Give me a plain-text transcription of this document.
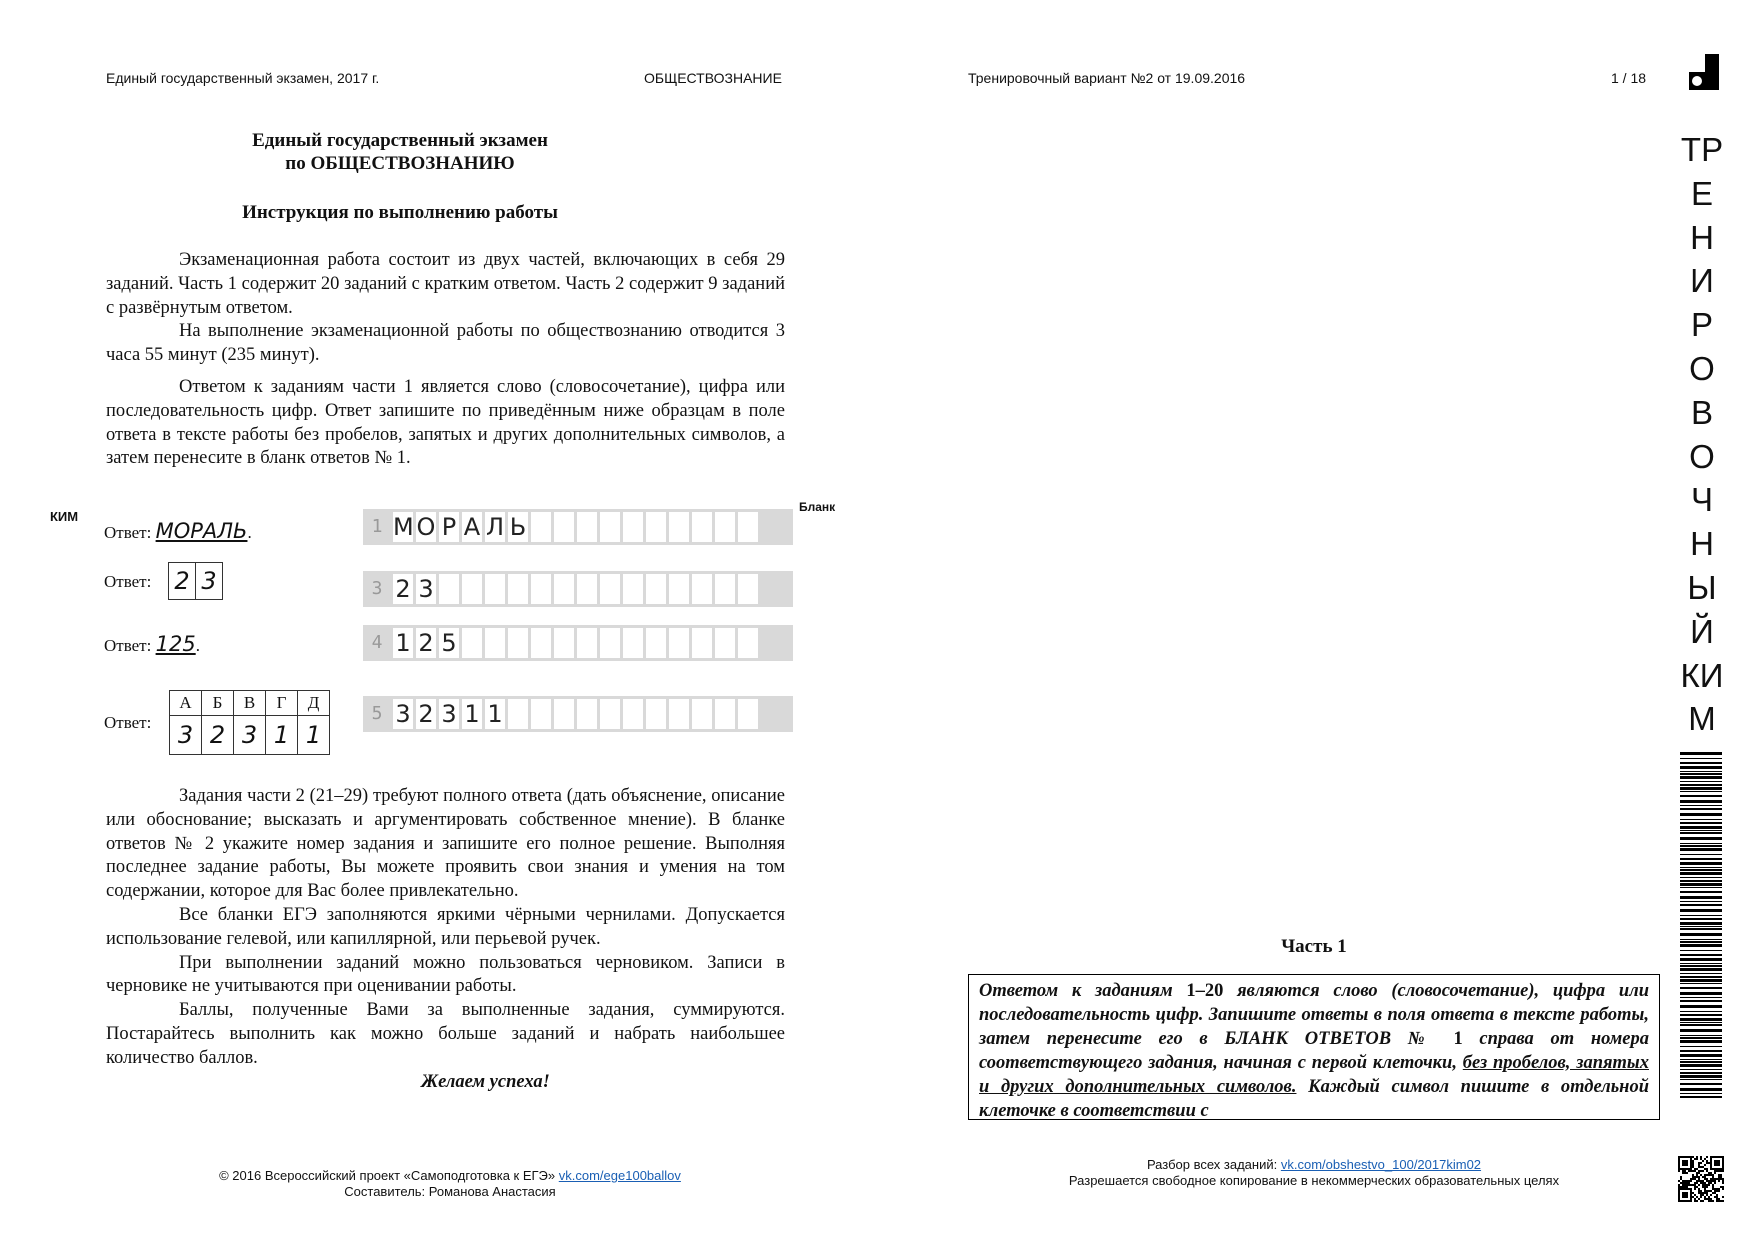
Единый государственный экзамен, 2017 г.	ОБЩЕСТВОЗНАНИЕ	Тренировочный вариант №2 от 19.09.2016	1 / 18
Единый государственный экзамен
по ОБЩЕСТВОЗНАНИЮ
Инструкция по выполнению работы

Экзаменационная работа состоит из двух частей, включающих в себя 29 заданий. Часть 1 содержит 20 заданий с кратким ответом. Часть 2 содержит 9 заданий с развёрнутым ответом.

На выполнение экзаменационной работы по обществознанию отводится 3 часа 55 минут (235 минут).

Ответом к заданиям части 1 является слово (словосочетание), цифра или последовательность цифр. Ответ запишите по приведённым ниже образцам в поле ответа в тексте работы без пробелов, запятых и других дополнительных символов, а затем перенесите в бланк ответов № 1.

КИМ
Бланк
Ответ: МОРАЛЬ.
Ответ: 2 3
Ответ: 125.
Ответ:
А	Б	В	Г	Д
3	2	3	1	1
1 М О Р А Л Ь
3 2 3
4 1 2 5
5 3 2 3 1 1

Задания части 2 (21–29) требуют полного ответа (дать объяснение, описание или обоснование; высказать и аргументировать собственное мнение). В бланке ответов № 2 укажите номер задания и запишите его полное решение. Выполняя последнее задание работы, Вы можете проявить свои знания и умения на том содержании, которое для Вас более привлекательно.

Все бланки ЕГЭ заполняются яркими чёрными чернилами. Допускается использование гелевой, или капиллярной, или перьевой ручек.

При выполнении заданий можно пользоваться черновиком. Записи в черновике не учитываются при оценивании работы.

Баллы, полученные Вами за выполненные задания, суммируются. Постарайтесь выполнить как можно больше заданий и набрать наибольшее количество баллов.

Желаем успеха!

© 2016 Всероссийский проект «Самоподготовка к ЕГЭ» vk.com/ege100ballov
Составитель: Романова Анастасия
Часть 1
Ответом к заданиям 1–20 являются слово (словосочетание), цифра или последовательность цифр. Запишите ответы в поля ответа в тексте работы, затем перенесите его в БЛАНК ОТВЕТОВ № 1 справа от номера соответствующего задания, начиная с первой клеточки, без пробелов, запятых и других дополнительных символов. Каждый символ пишите в отдельной клеточке в соответствии с
Разбор всех заданий: vk.com/obshestvo_100/2017kim02
Разрешается свободное копирование в некоммерческих образовательных целях
ТР
Е
Н
И
Р
О
В
О
Ч
Н
Ы
Й
КИ
М
